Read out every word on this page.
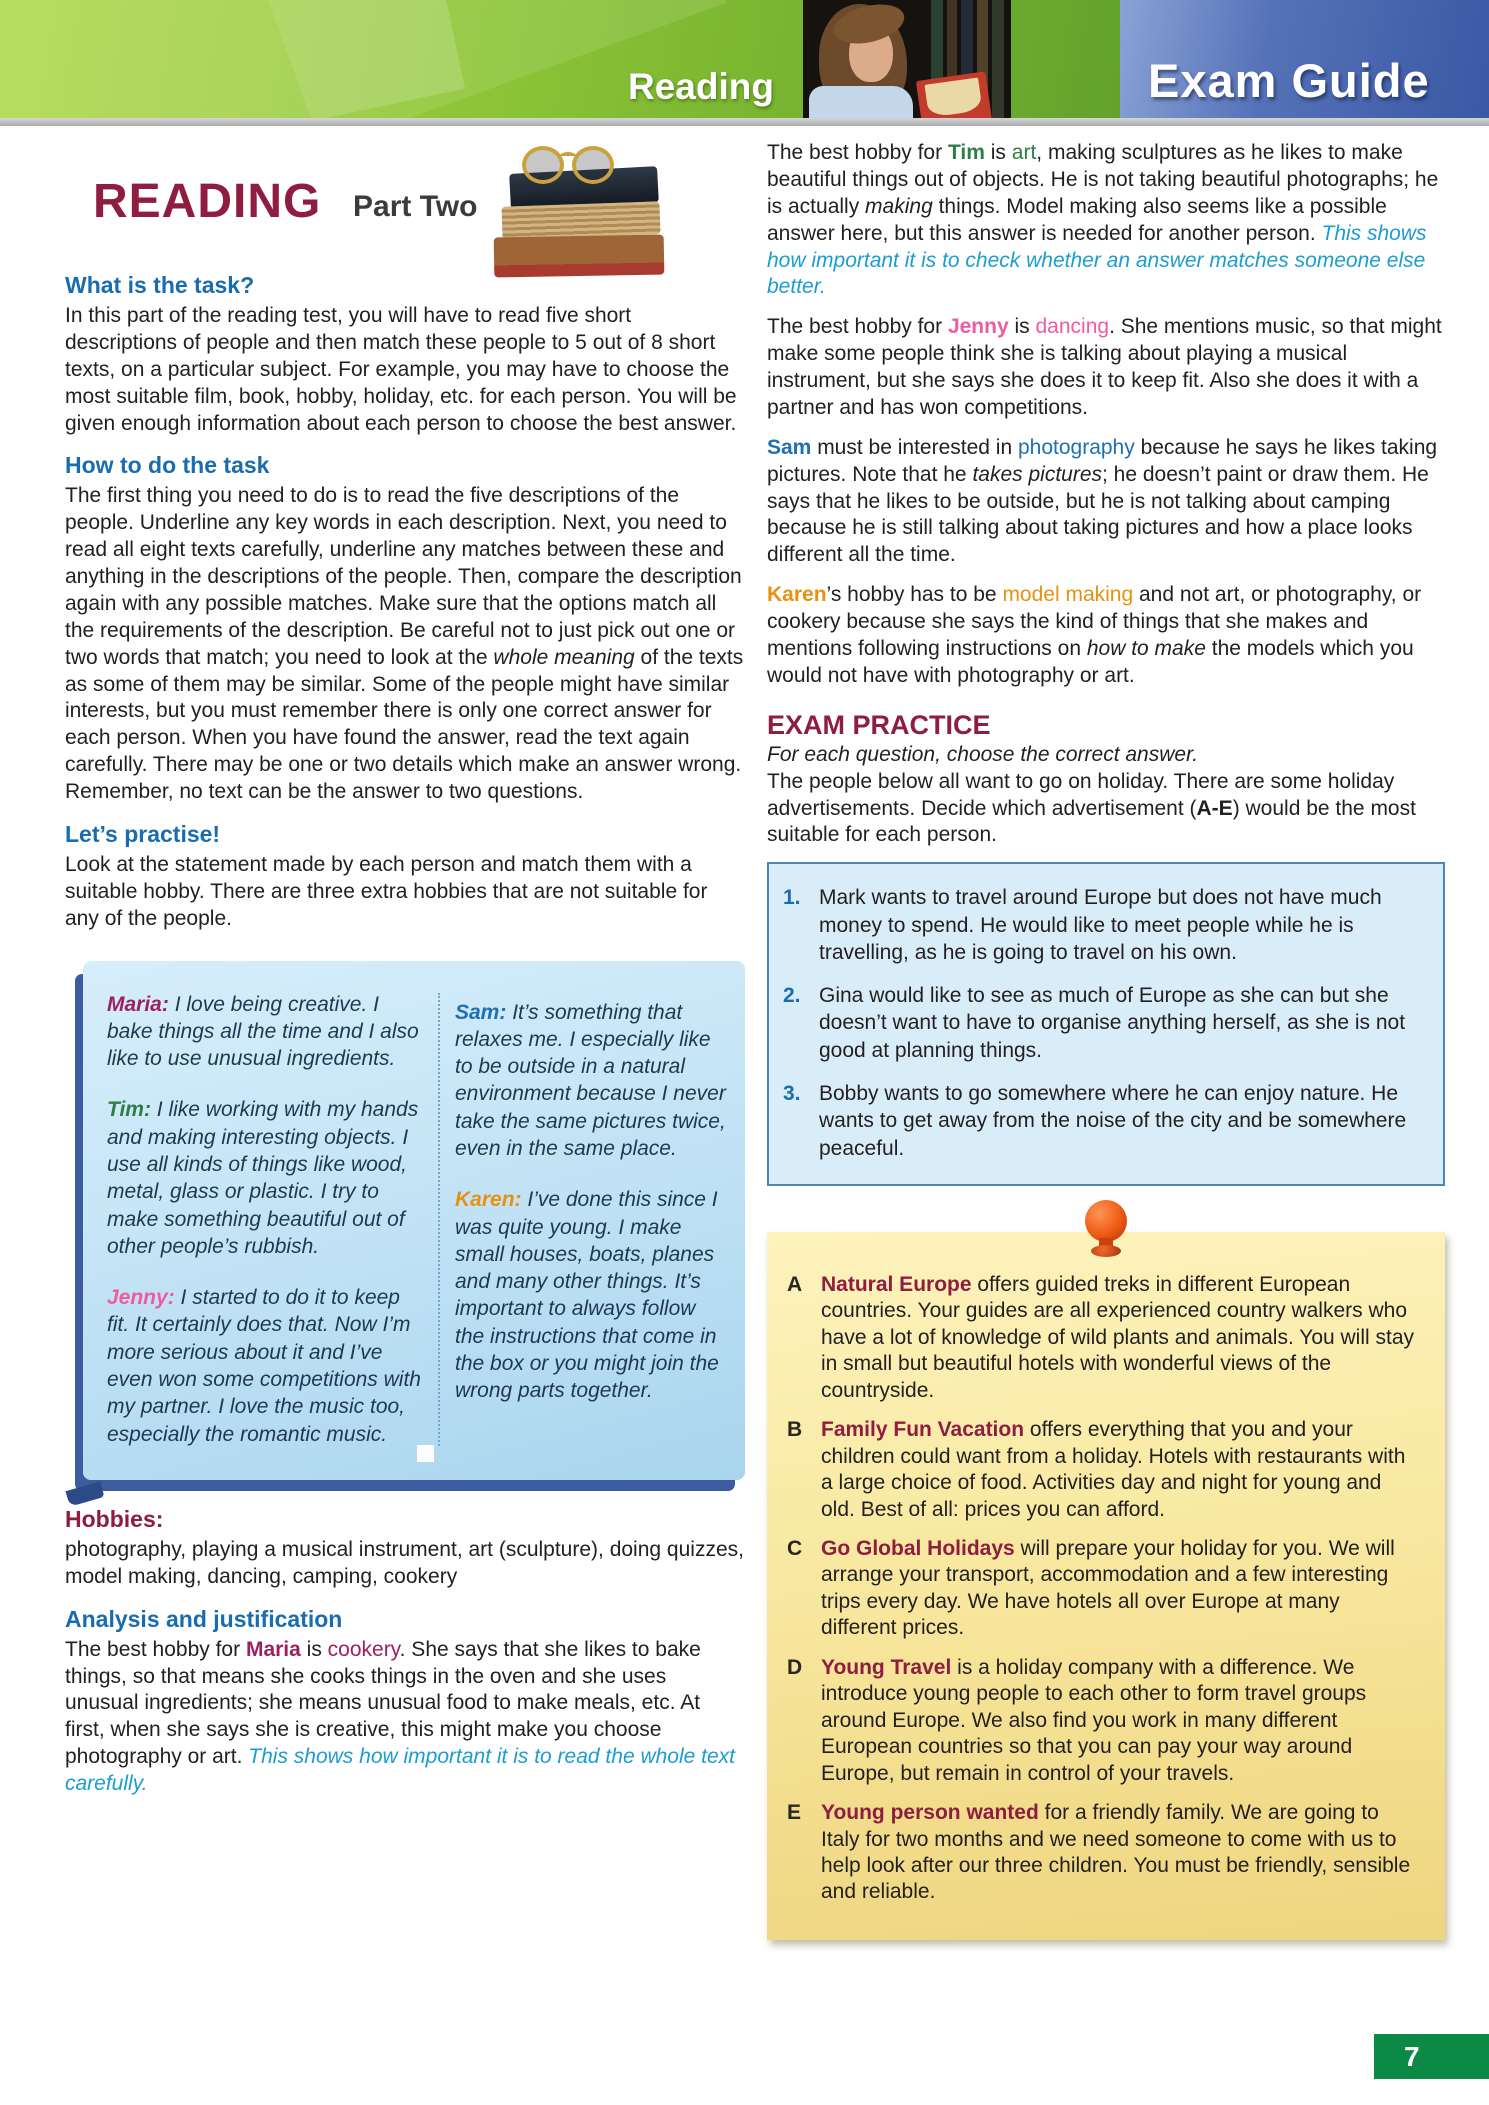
Reading	Exam Guide
READING Part Two
What is the task?

In this part of the reading test, you will have to read five short descriptions of people and then match these people to 5 out of 8 short texts, on a particular subject. For example, you may have to choose the most suitable film, book, hobby, holiday, etc. for each person. You will be given enough information about each person to choose the best answer.

How to do the task

The first thing you need to do is to read the five descriptions of the people. Underline any key words in each description. Next, you need to read all eight texts carefully, underline any matches between these and anything in the descriptions of the people. Then, compare the description again with any possible matches. Make sure that the options match all the requirements of the description. Be careful not to just pick out one or two words that match; you need to look at the whole meaning of the texts as some of them may be similar. Some of the people might have similar interests, but you must remember there is only one correct answer for each person. When you have found the answer, read the text again carefully. There may be one or two details which make an answer wrong. Remember, no text can be the answer to two questions.

Let’s practise!

Look at the statement made by each person and match them with a suitable hobby. There are three extra hobbies that are not suitable for any of the people.

Maria: I love being creative. I bake things all the time and I also like to use unusual ingredients.

Tim: I like working with my hands and making interesting objects. I use all kinds of things like wood, metal, glass or plastic. I try to make something beautiful out of other people’s rubbish.

Jenny: I started to do it to keep fit. It certainly does that. Now I’m more serious about it and I’ve even won some competitions with my partner. I love the music too, especially the romantic music.

Sam: It’s something that relaxes me. I especially like to be outside in a natural environment because I never take the same pictures twice, even in the same place.

Karen: I’ve done this since I was quite young. I make small houses, boats, planes and many other things. It’s important to always follow the instructions that come in the box or you might join the wrong parts together.

Hobbies:

photography, playing a musical instrument, art (sculpture), doing quizzes, model making, dancing, camping, cookery

Analysis and justification

The best hobby for Maria is cookery. She says that she likes to bake things, so that means she cooks things in the oven and she uses unusual ingredients; she means unusual food to make meals, etc. At first, when she says she is creative, this might make you choose photography or art. This shows how important it is to read the whole text carefully.

The best hobby for Tim is art, making sculptures as he likes to make beautiful things out of objects. He is not taking beautiful photographs; he is actually making things. Model making also seems like a possible answer here, but this answer is needed for another person. This shows how important it is to check whether an answer matches someone else better.

The best hobby for Jenny is dancing. She mentions music, so that might make some people think she is talking about playing a musical instrument, but she says she does it to keep fit. Also she does it with a partner and has won competitions.

Sam must be interested in photography because he says he likes taking pictures. Note that he takes pictures; he doesn’t paint or draw them. He says that he likes to be outside, but he is not talking about camping because he is still talking about taking pictures and how a place looks different all the time.

Karen’s hobby has to be model making and not art, or photography, or cookery because she says the kind of things that she makes and mentions following instructions on how to make the models which you would not have with photography or art.

EXAM PRACTICE

For each question, choose the correct answer.

The people below all want to go on holiday. There are some holiday advertisements. Decide which advertisement (A-E) would be the most suitable for each person.

1. Mark wants to travel around Europe but does not have much money to spend. He would like to meet people while he is travelling, as he is going to travel on his own.
2. Gina would like to see as much of Europe as she can but she doesn’t want to have to organise anything herself, as she is not good at planning things.
3. Bobby wants to go somewhere where he can enjoy nature. He wants to get away from the noise of the city and be somewhere peaceful.
A Natural Europe offers guided treks in different European countries. Your guides are all experienced country walkers who have a lot of knowledge of wild plants and animals. You will stay in small but beautiful hotels with wonderful views of the countryside.
B Family Fun Vacation offers everything that you and your children could want from a holiday. Hotels with restaurants with a large choice of food. Activities day and night for young and old. Best of all: prices you can afford.
C Go Global Holidays will prepare your holiday for you. We will arrange your transport, accommodation and a few interesting trips every day. We have hotels all over Europe at many different prices.
D Young Travel is a holiday company with a difference. We introduce young people to each other to form travel groups around Europe. We also find you work in many different European countries so that you can pay your way around Europe, but remain in control of your travels.
E Young person wanted for a friendly family. We are going to Italy for two months and we need someone to come with us to help look after our three children. You must be friendly, sensible and reliable.
7
